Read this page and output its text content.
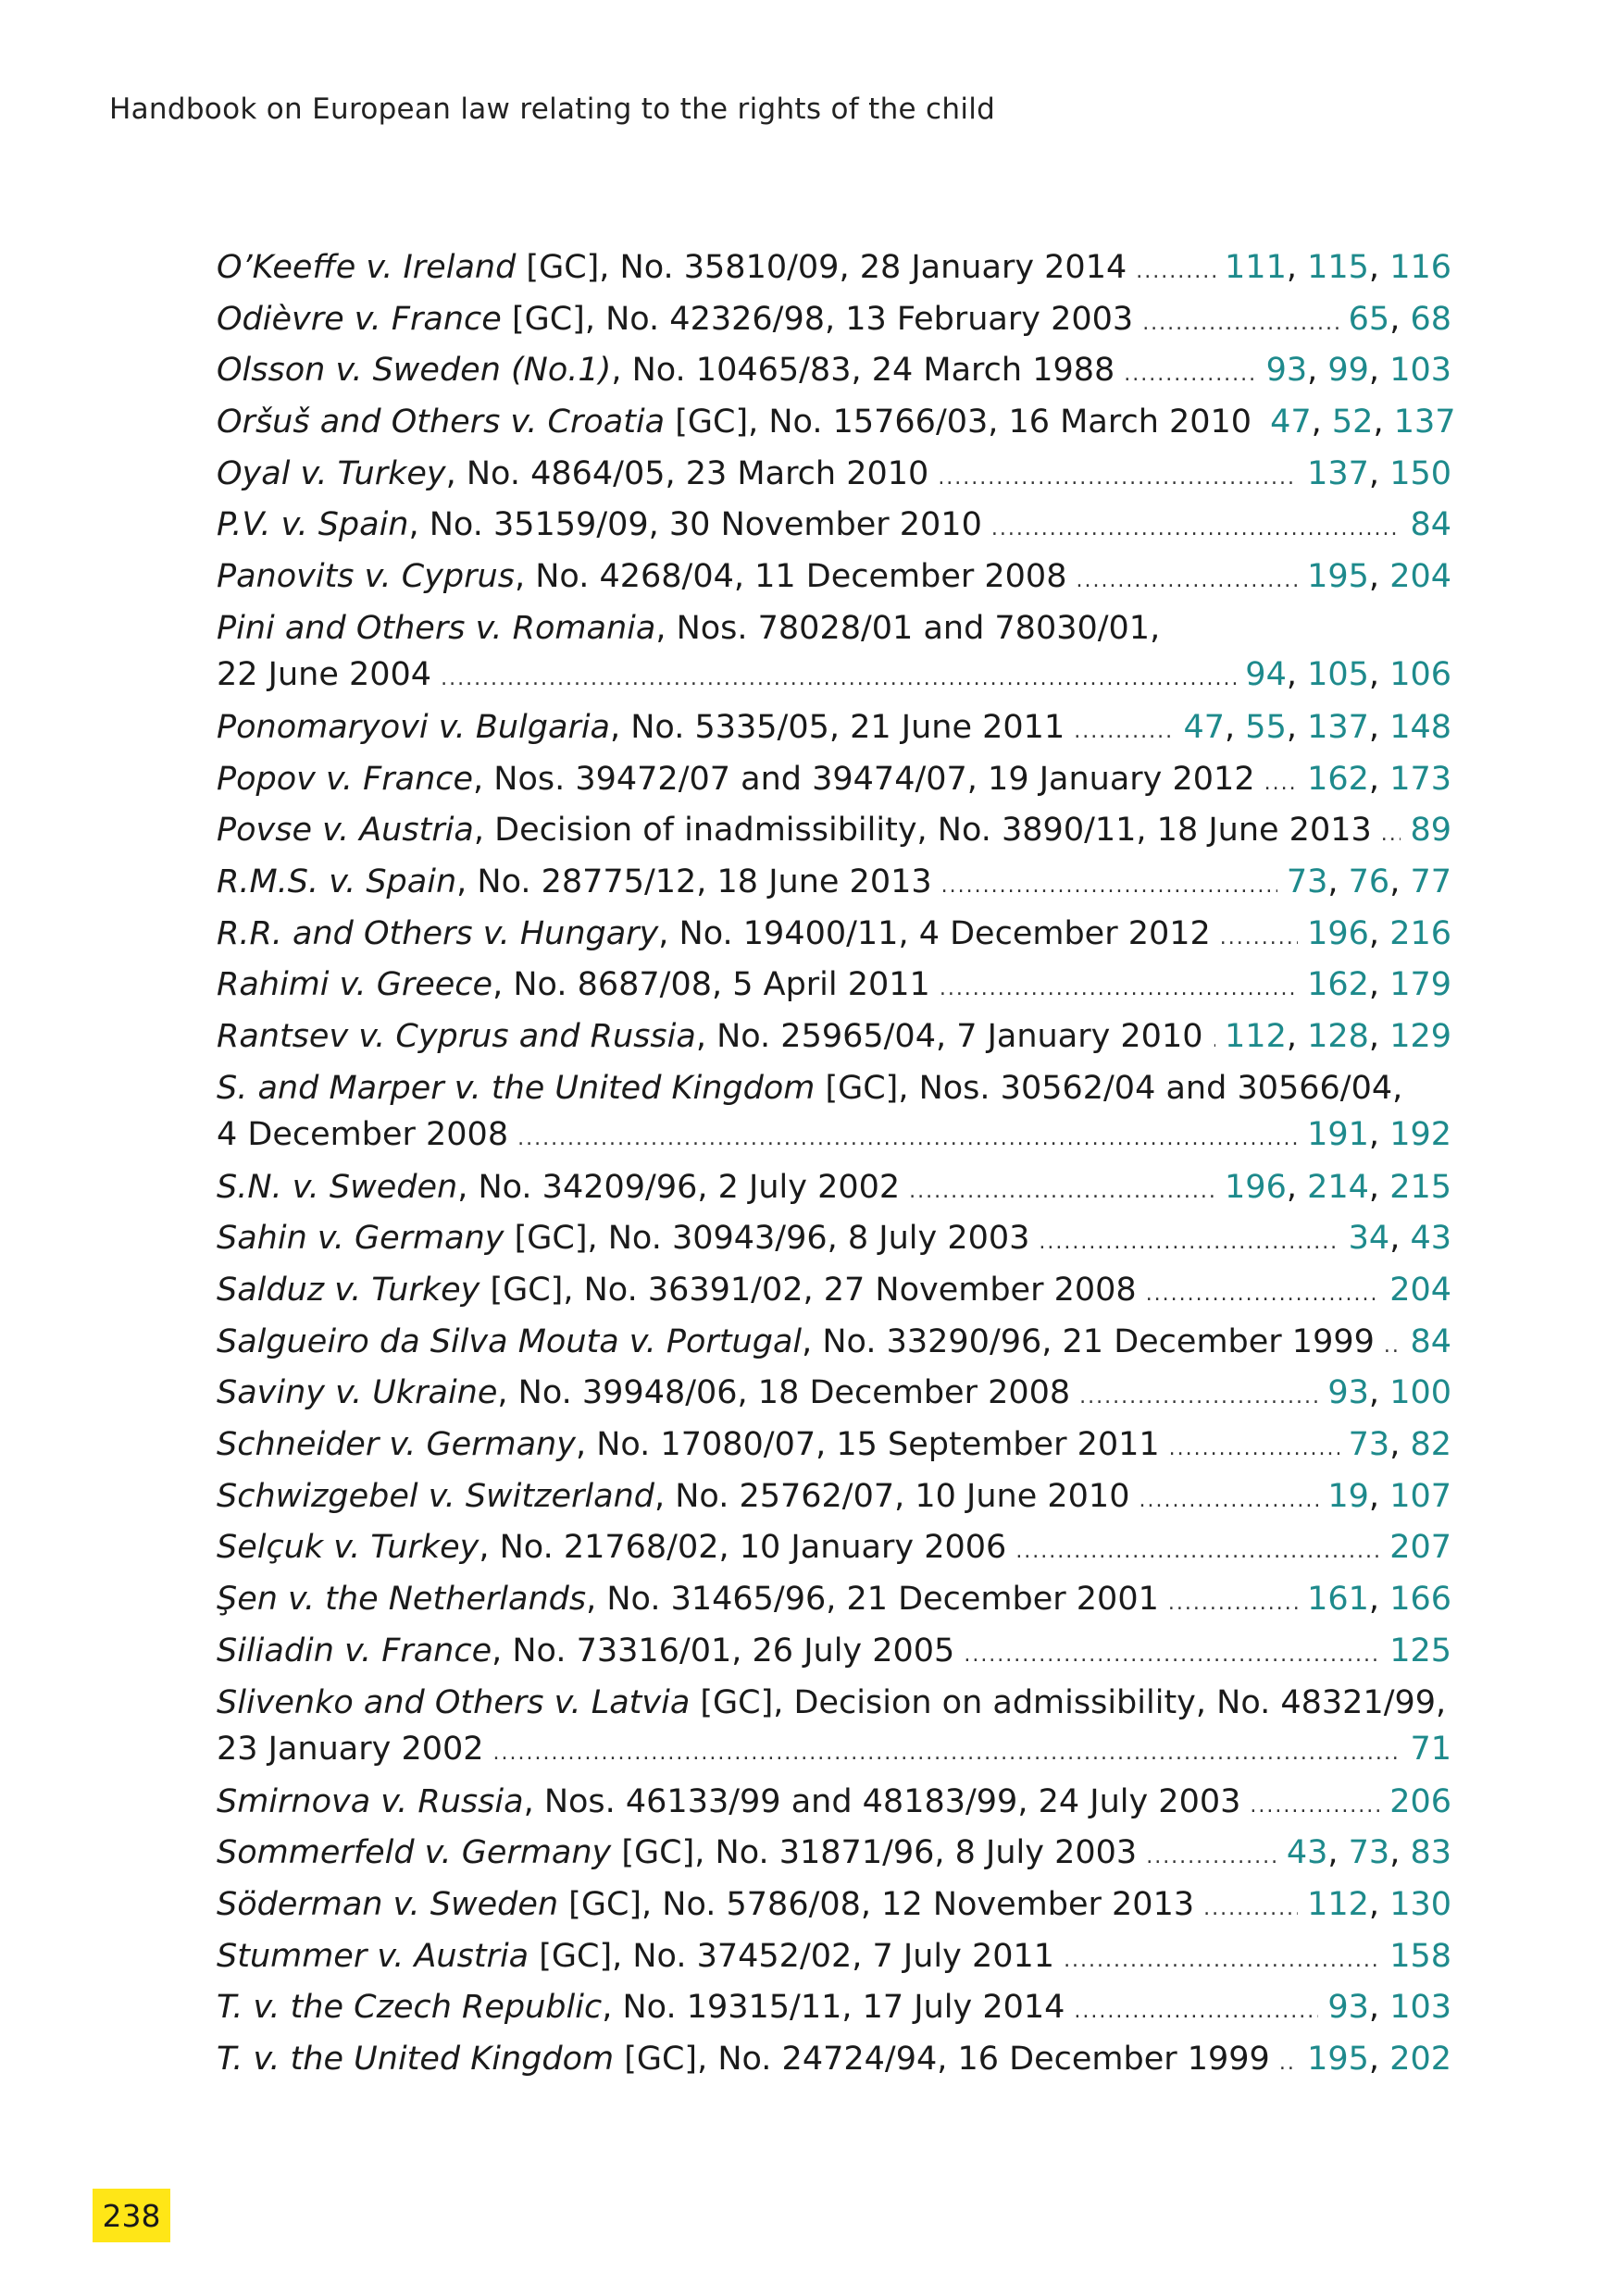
Handbook on European law relating to the rights of the child
O’Keeffe v. Ireland [GC], No. 35810/09, 28 January 2014 .....	111, 115, 116
Odièvre v. France [GC], No. 42326/98, 13 February 2003 .....	65, 68
Olsson v. Sweden (No.1) , No. 10465/83, 24 March 1988 .....	93, 99, 103
Oršuš and Others v. Croatia [GC], No. 15766/03, 16 March 2010 47, 52, 137
Oyal v. Turkey , No. 4864/05, 23 March 2010 .....	137, 150
P.V. v. Spain , No. 35159/09, 30 November 2010 .....	84
Panovits v. Cyprus , No. 4268/04, 11 December 2008 .....	195, 204
Pini and Others v. Romania , Nos. 78028/01 and 78030/01,
22 June 2004 .....	94, 105, 106
Ponomaryovi v. Bulgaria , No. 5335/05, 21 June 2011 .....	47, 55, 137, 148
Popov v. France , Nos. 39472/07 and 39474/07, 19 January 2012 ..... 162, 173
Povse v. Austria , Decision of inadmissibility, No. 3890/11, 18 June 2013 ..... 89
R.M.S. v. Spain , No. 28775/12, 18 June 2013 .....	73, 76, 77
R.R. and Others v. Hungary , No. 19400/11, 4 December 2012 .....	196, 216
Rahimi v. Greece , No. 8687/08, 5 April 2011 .....	162, 179
Rantsev v. Cyprus and Russia , No. 25965/04, 7 January 2010 ..... 112, 128, 129
S. and Marper v. the United Kingdom [GC], Nos. 30562/04 and 30566/04,
4 December 2008 .....	191, 192
S.N. v. Sweden , No. 34209/96, 2 July 2002 .....	196, 214, 215
Sahin v. Germany [GC], No. 30943/96, 8 July 2003 .....	34, 43
Salduz v. Turkey [GC], No. 36391/02, 27 November 2008 .....	204
Salgueiro da Silva Mouta v. Portugal , No. 33290/96, 21 December 1999 ..... 84
Saviny v. Ukraine , No. 39948/06, 18 December 2008 .....	93, 100
Schneider v. Germany , No. 17080/07, 15 September 2011 .....	73, 82
Schwizgebel v. Switzerland , No. 25762/07, 10 June 2010 .....	19, 107
Selçuk v. Turkey , No. 21768/02, 10 January 2006 .....	207
Şen v. the Netherlands , No. 31465/96, 21 December 2001 .....	161, 166
Siliadin v. France , No. 73316/01, 26 July 2005 .....	125
Slivenko and Others v. Latvia [GC], Decision on admissibility, No. 48321/99,
23 January 2002 .....	71
Smirnova v. Russia , Nos. 46133/99 and 48183/99, 24 July 2003 .....	206
Sommerfeld v. Germany [GC], No. 31871/96, 8 July 2003 .....	43, 73, 83
Söderman v. Sweden [GC], No. 5786/08, 12 November 2013 .....	112, 130
Stummer v. Austria [GC], No. 37452/02, 7 July 2011 .....	158
T. v. the Czech Republic , No. 19315/11, 17 July 2014 .....	93, 103
T. v. the United Kingdom [GC], No. 24724/94, 16 December 1999 ..... 195, 202
238
